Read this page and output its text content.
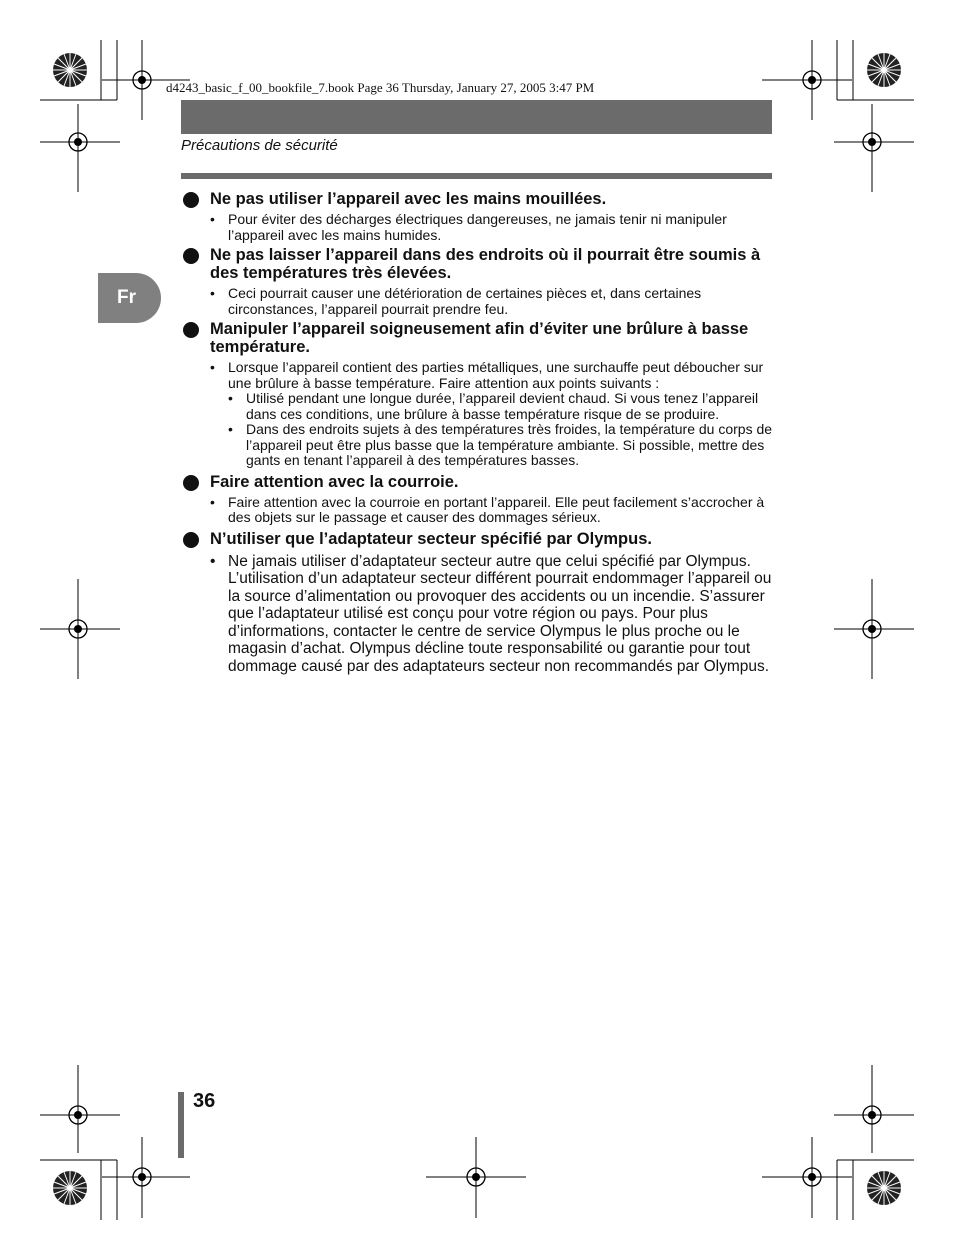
d4243_basic_f_00_bookfile_7.book Page 36 Thursday, January 27, 2005 3:47 PM
Précautions de sécurité
Fr
Ne pas utiliser l’appareil avec les mains mouillées.
• Pour éviter des décharges électriques dangereuses, ne jamais tenir ni manipuler l’appareil avec les mains humides.
Ne pas laisser l’appareil dans des endroits où il pourrait être soumis à des températures très élevées.
• Ceci pourrait causer une détérioration de certaines pièces et, dans certaines circonstances, l’appareil pourrait prendre feu.
Manipuler l’appareil soigneusement afin d’éviter une brûlure à basse température.
• Lorsque l’appareil contient des parties métalliques, une surchauffe peut déboucher sur une brûlure à basse température. Faire attention aux points suivants :
• Utilisé pendant une longue durée, l’appareil devient chaud. Si vous tenez l’appareil dans ces conditions, une brûlure à basse température risque de se produire.
• Dans des endroits sujets à des températures très froides, la température du corps de l’appareil peut être plus basse que la température ambiante. Si possible, mettre des gants en tenant l’appareil à des températures basses.
Faire attention avec la courroie.
• Faire attention avec la courroie en portant l’appareil. Elle peut facilement s’accrocher à des objets sur le passage et causer des dommages sérieux.
N’utiliser que l’adaptateur secteur spécifié par Olympus.
• Ne jamais utiliser d’adaptateur secteur autre que celui spécifié par Olympus. L’utilisation d’un adaptateur secteur différent pourrait endommager l’appareil ou la source d’alimentation ou provoquer des accidents ou un incendie. S’assurer que l’adaptateur utilisé est conçu pour votre région ou pays. Pour plus d’informations, contacter le centre de service Olympus le plus proche ou le magasin d’achat. Olympus décline toute responsabilité ou garantie pour tout dommage causé par des adaptateurs secteur non recommandés par Olympus.
36
